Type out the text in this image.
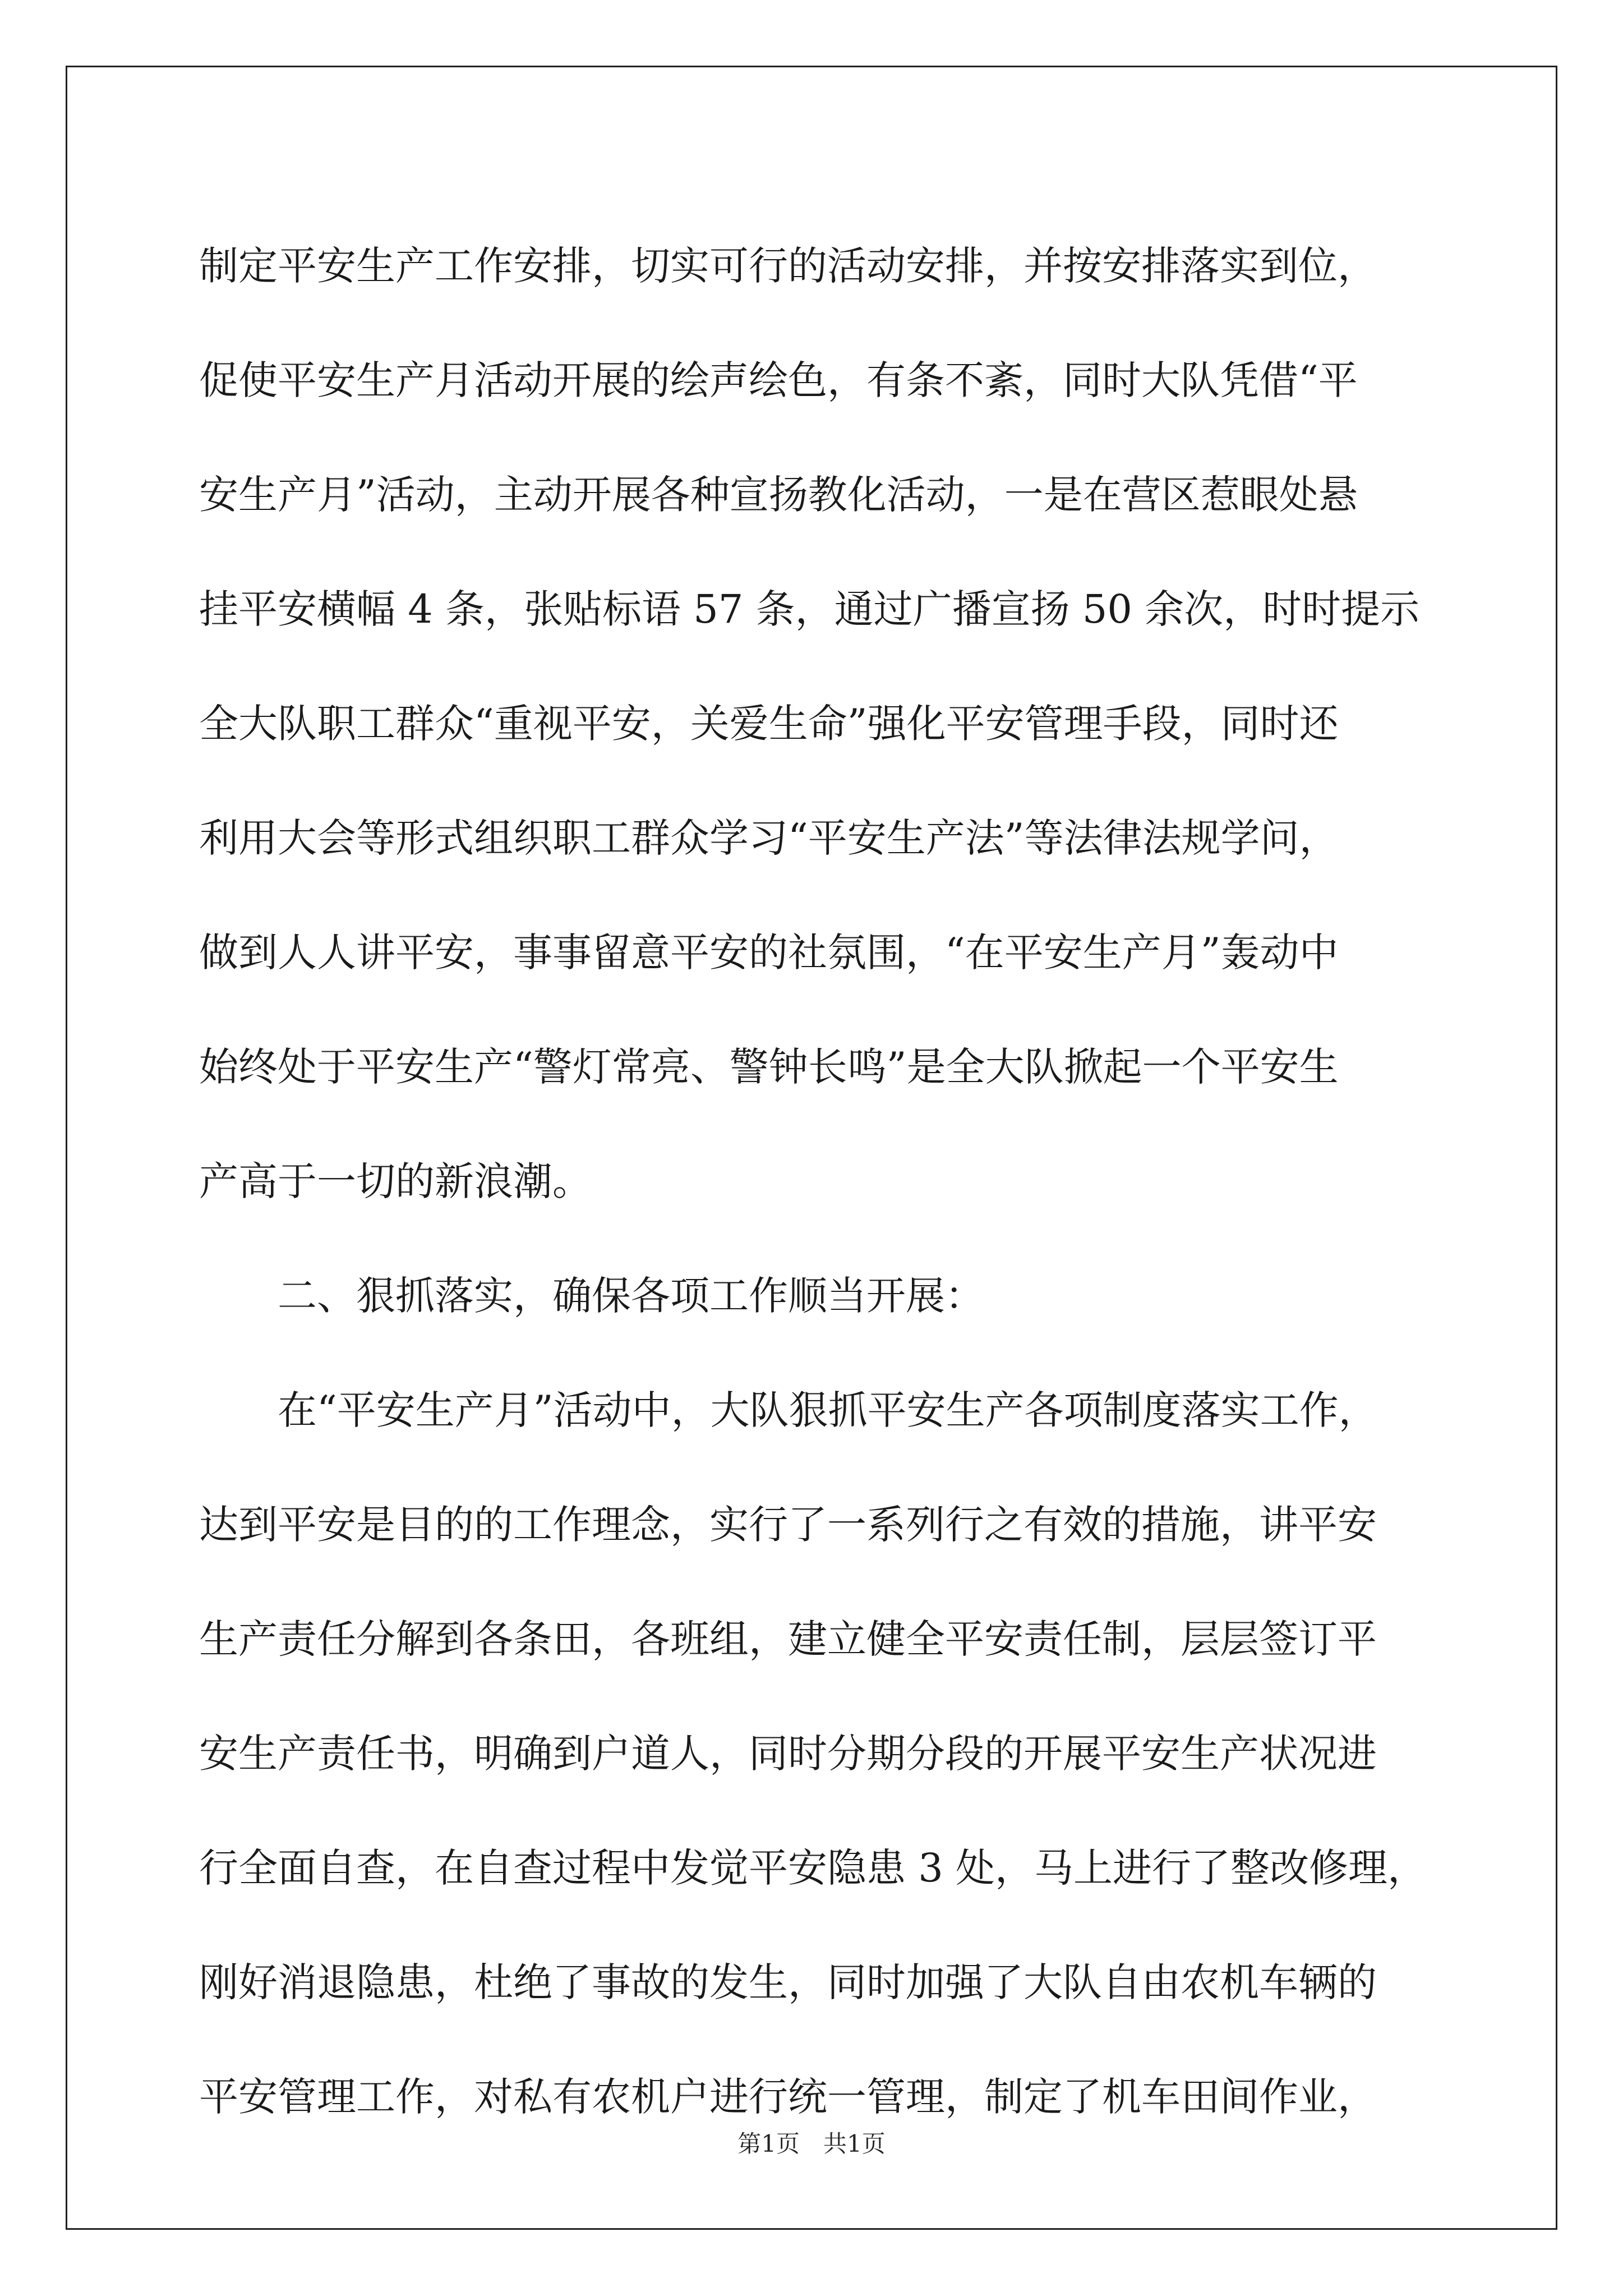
制定平安生产工作安排，切实可行的活动安排，并按安排落实到位，
促使平安生产月活动开展的绘声绘色，有条不紊，同时大队凭借“平
安生产月”活动，主动开展各种宣扬教化活动，一是在营区惹眼处悬
挂平安横幅 4 条，张贴标语 57 条，通过广播宣扬 50 余次，时时提示
全大队职工群众“重视平安，关爱生命”强化平安管理手段，同时还
利用大会等形式组织职工群众学习“平安生产法”等法律法规学问，
做到人人讲平安，事事留意平安的社氛围，“在平安生产月”轰动中
始终处于平安生产“警灯常亮、警钟长鸣”是全大队掀起一个平安生
产高于一切的新浪潮。
二、狠抓落实，确保各项工作顺当开展：
在“平安生产月”活动中，大队狠抓平安生产各项制度落实工作，
达到平安是目的的工作理念，实行了一系列行之有效的措施，讲平安
生产责任分解到各条田，各班组，建立健全平安责任制，层层签订平
安生产责任书，明确到户道人，同时分期分段的开展平安生产状况进
行全面自查，在自查过程中发觉平安隐患 3 处，马上进行了整改修理，
刚好消退隐患，杜绝了事故的发生，同时加强了大队自由农机车辆的
平安管理工作，对私有农机户进行统一管理，制定了机车田间作业，
第1页　共1页
